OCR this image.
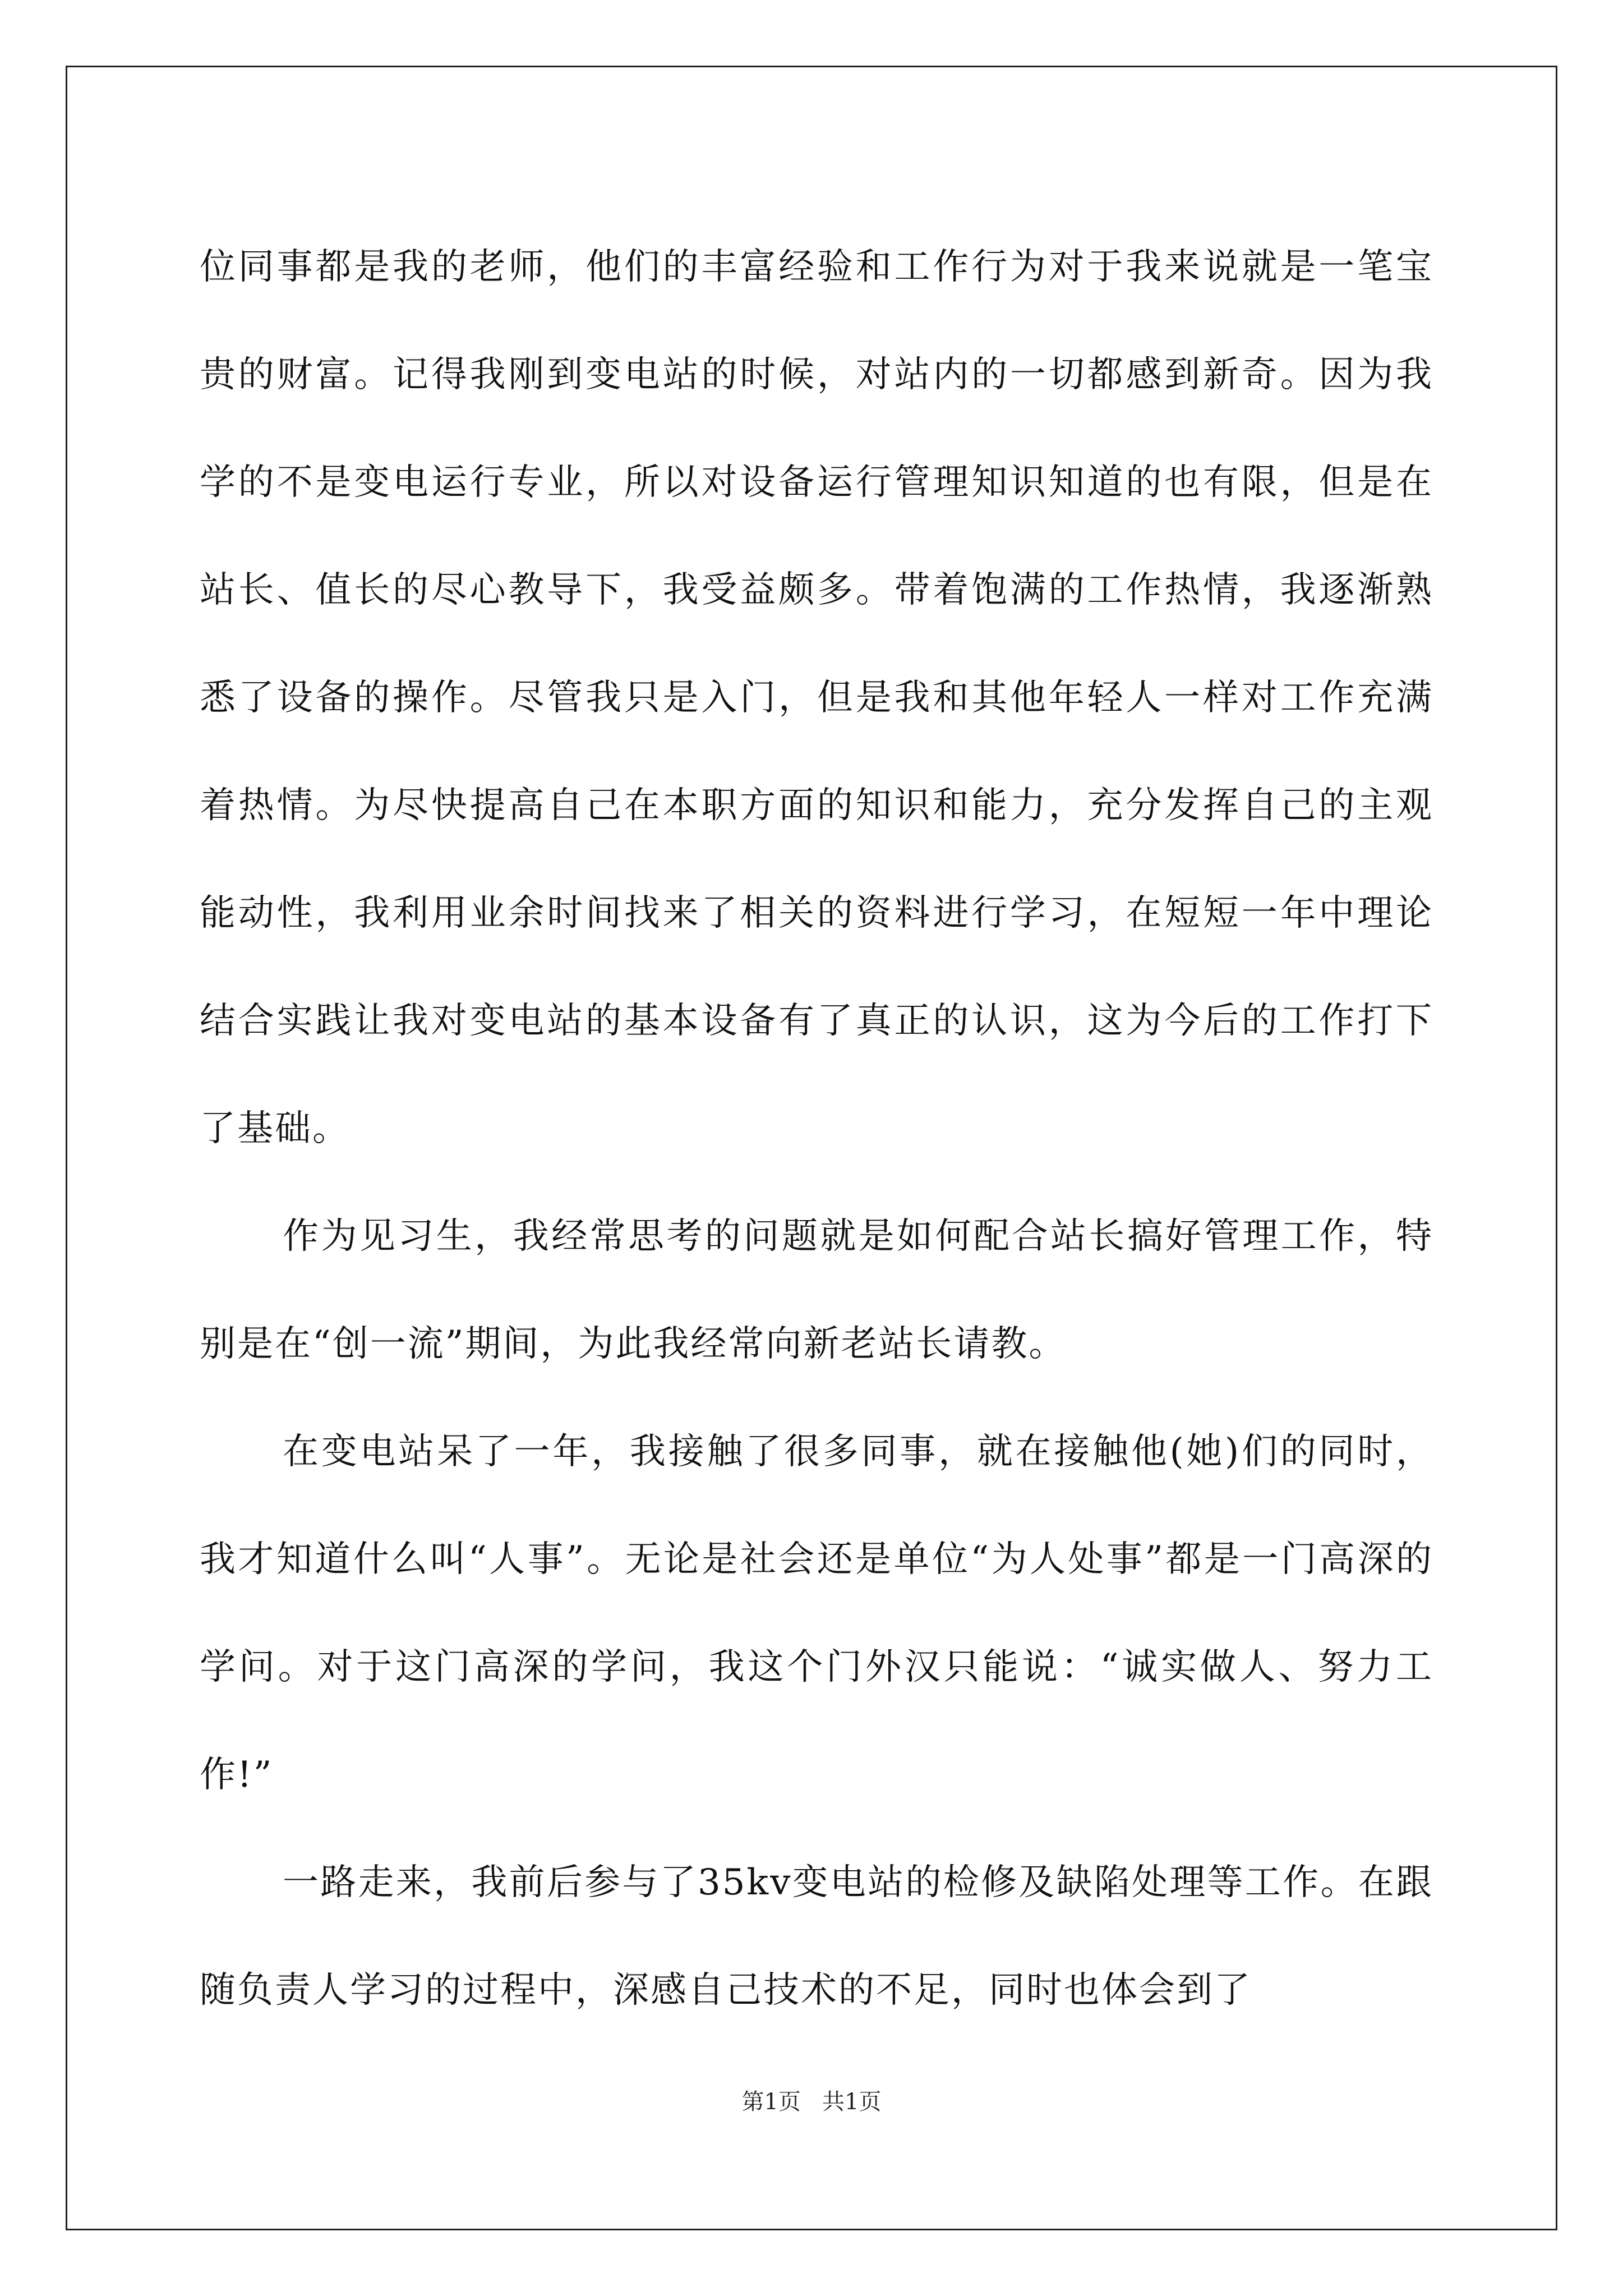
位同事都是我的老师，他们的丰富经验和工作行为对于我来说就是一笔宝贵的财富。记得我刚到变电站的时候，对站内的一切都感到新奇。因为我学的不是变电运行专业，所以对设备运行管理知识知道的也有限，但是在站长、值长的尽心教导下，我受益颇多。带着饱满的工作热情，我逐渐熟悉了设备的操作。尽管我只是入门，但是我和其他年轻人一样对工作充满着热情。为尽快提高自己在本职方面的知识和能力，充分发挥自己的主观能动性，我利用业余时间找来了相关的资料进行学习，在短短一年中理论结合实践让我对变电站的基本设备有了真正的认识，这为今后的工作打下了基础。

作为见习生，我经常思考的问题就是如何配合站长搞好管理工作，特别是在“创一流”期间，为此我经常向新老站长请教。

在变电站呆了一年，我接触了很多同事，就在接触他(她)们的同时，我才知道什么叫“人事”。无论是社会还是单位“为人处事”都是一门高深的学问。对于这门高深的学问，我这个门外汉只能说：“诚实做人、努力工作!”

一路走来，我前后参与了35kv变电站的检修及缺陷处理等工作。在跟随负责人学习的过程中，深感自己技术的不足，同时也体会到了

第1页   共1页
